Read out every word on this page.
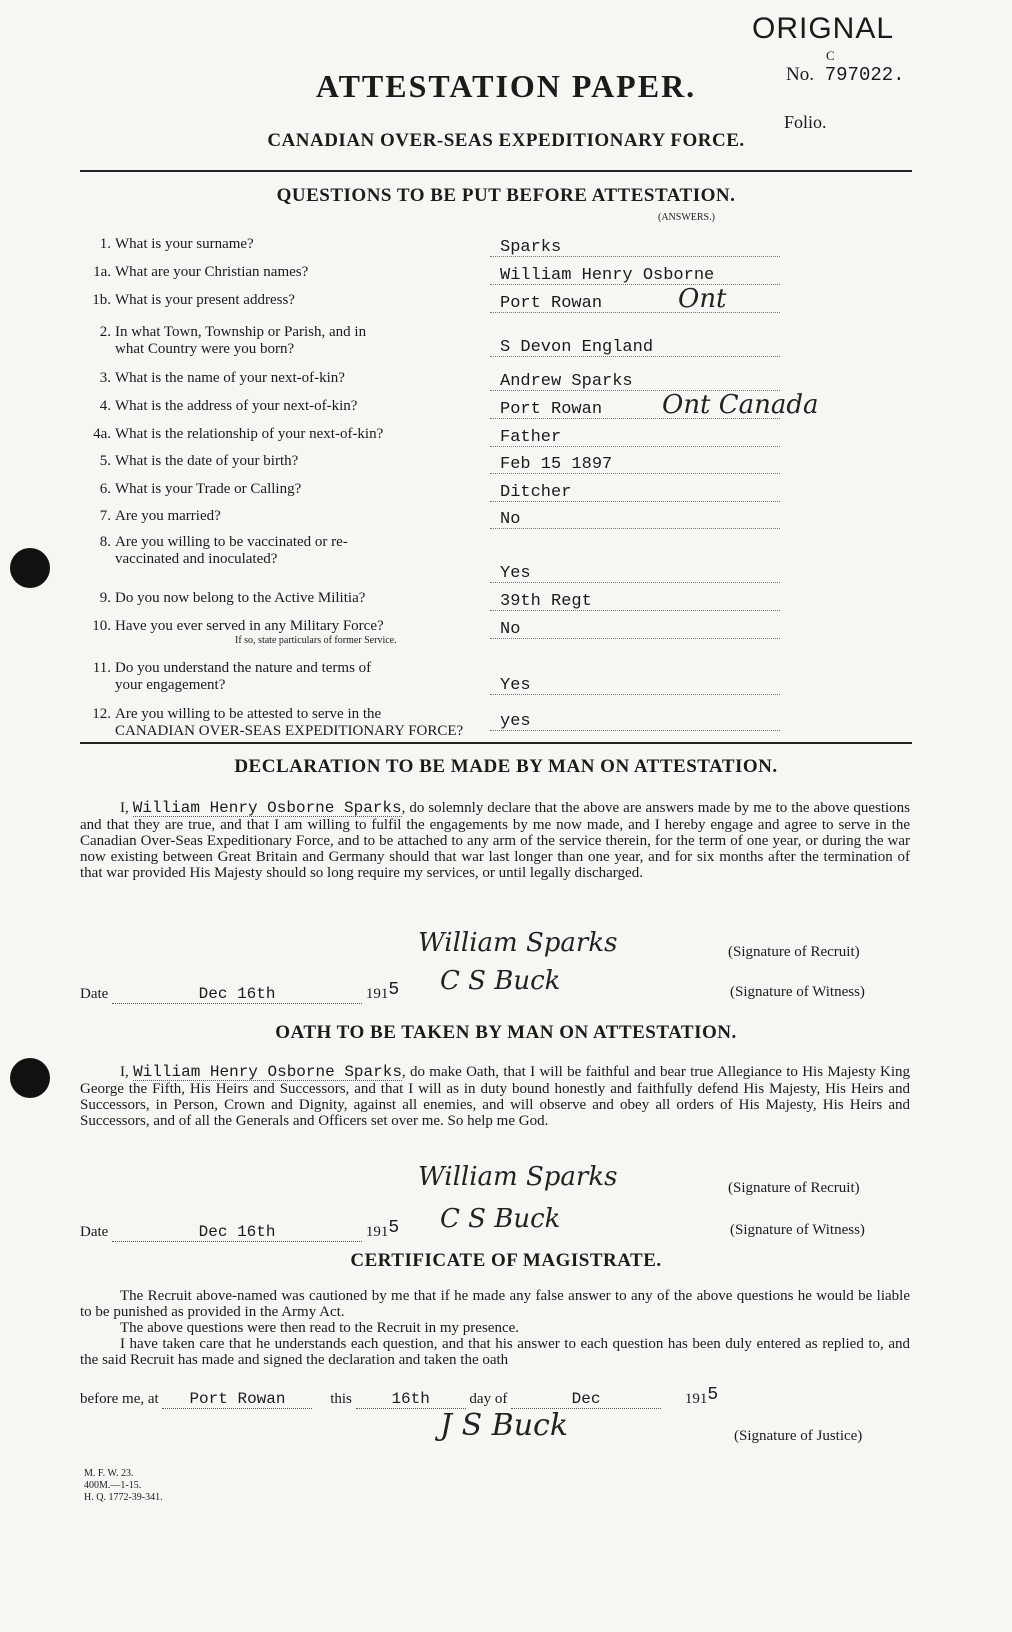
ORIGNAL
No.
C
797022.
Folio.
ATTESTATION PAPER.
CANADIAN OVER-SEAS EXPEDITIONARY FORCE.
QUESTIONS TO BE PUT BEFORE ATTESTATION.
(ANSWERS.)
1. What is your surname?	Sparks
1a. What are your Christian names?	William Henry Osborne
1b. What is your present address?	Port Rowan	Ont
2. In what Town, Township or Parish, and in
what Country were you born?	S Devon England
3. What is the name of your next-of-kin?	Andrew Sparks
4. What is the address of your next-of-kin?	Port Rowan Ont Canada
4a. What is the relationship of your next-of-kin?	Father
5. What is the date of your birth?	Feb 15 1897
6. What is your Trade or Calling?	Ditcher
7. Are you married?	No
8. Are you willing to be vaccinated or re-
vaccinated and inoculated?
Yes
9. Do you now belong to the Active Militia?	39th Regt
10. Have you ever served in any Military Force?
If so, state particulars of former Service.
No
11. Do you understand the nature and terms of
your engagement?	Yes
12. Are you willing to be attested to serve in the
CANADIAN OVER-SEAS EXPEDITIONARY FORCE?	yes
DECLARATION TO BE MADE BY MAN ON ATTESTATION.
I, William Henry Osborne Sparks, do solemnly declare that the above are answers made by me to the above questions and that they are true, and that I am willing to fulfil the engagements by me now made, and I hereby engage and agree to serve in the Canadian Over-Seas Expeditionary Force, and to be attached to any arm of the service therein, for the term of one year, or during the war now existing between Great Britain and Germany should that war last longer than one year, and for six months after the termination of that war provided His Majesty should so long require my services, or until legally discharged.
William Sparks	(Signature of Recruit)
Date	Dec 16th	1915 C S Buck	(Signature of Witness)
OATH TO BE TAKEN BY MAN ON ATTESTATION.
I, William Henry Osborne Sparks, do make Oath, that I will be faithful and bear true Allegiance to His Majesty King George the Fifth, His Heirs and Successors, and that I will as in duty bound honestly and faithfully defend His Majesty, His Heirs and Successors, in Person, Crown and Dignity, against all enemies, and will observe and obey all orders of His Majesty, His Heirs and Successors, and of all the Generals and Officers set over me. So help me God.
William Sparks	(Signature of Recruit)
Date	Dec 16th	1915 C S Buck	(Signature of Witness)
CERTIFICATE OF MAGISTRATE.
The Recruit above-named was cautioned by me that if he made any false answer to any of the above questions he would be liable to be punished as provided in the Army Act.
The above questions were then read to the Recruit in my presence.
I have taken care that he understands each question, and that his answer to each question has been duly entered as replied to, and the said Recruit has made and signed the declaration and taken the oath
before me, at Port Rowan	this 16th	day of	Dec	1915
J S Buck	(Signature of Justice)
M. F. W. 23.
400M.—1-15.
H. Q. 1772-39-341.
